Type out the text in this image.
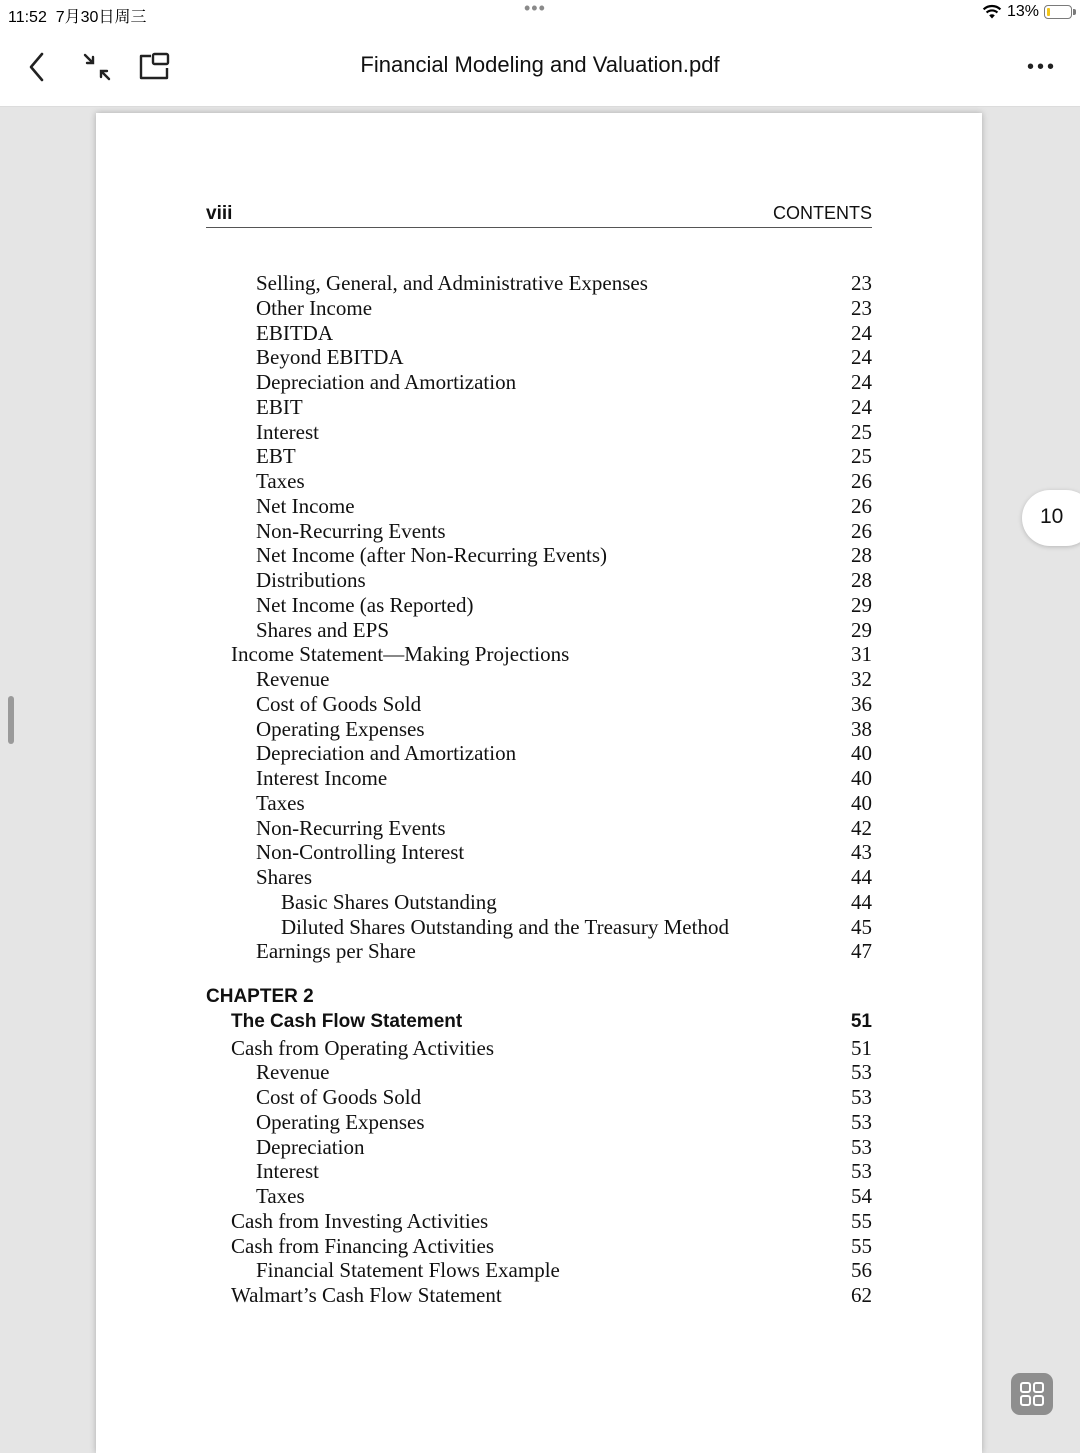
11:52 7月30日周三	•••	13%
Financial Modeling and Valuation.pdf	•••
viii	CONTENTS
Selling, General, and Administrative Expenses	23
Other Income	23
EBITDA	24
Beyond EBITDA	24
Depreciation and Amortization	24
EBIT	24
Interest	25
EBT	25
Taxes	26
Net Income	26
Non-Recurring Events	26
Net Income (after Non-Recurring Events)	28
Distributions	28
Net Income (as Reported)	29
Shares and EPS	29
Income Statement—Making Projections	31
Revenue	32
Cost of Goods Sold	36
Operating Expenses	38
Depreciation and Amortization	40
Interest Income	40
Taxes	40
Non-Recurring Events	42
Non-Controlling Interest	43
Shares	44
Basic Shares Outstanding	44
Diluted Shares Outstanding and the Treasury Method	45
Earnings per Share	47
CHAPTER 2
The Cash Flow Statement	51
Cash from Operating Activities	51
Revenue	53
Cost of Goods Sold	53
Operating Expenses	53
Depreciation	53
Interest	53
Taxes	54
Cash from Investing Activities	55
Cash from Financing Activities	55
Financial Statement Flows Example	56
Walmart’s Cash Flow Statement	62
10
